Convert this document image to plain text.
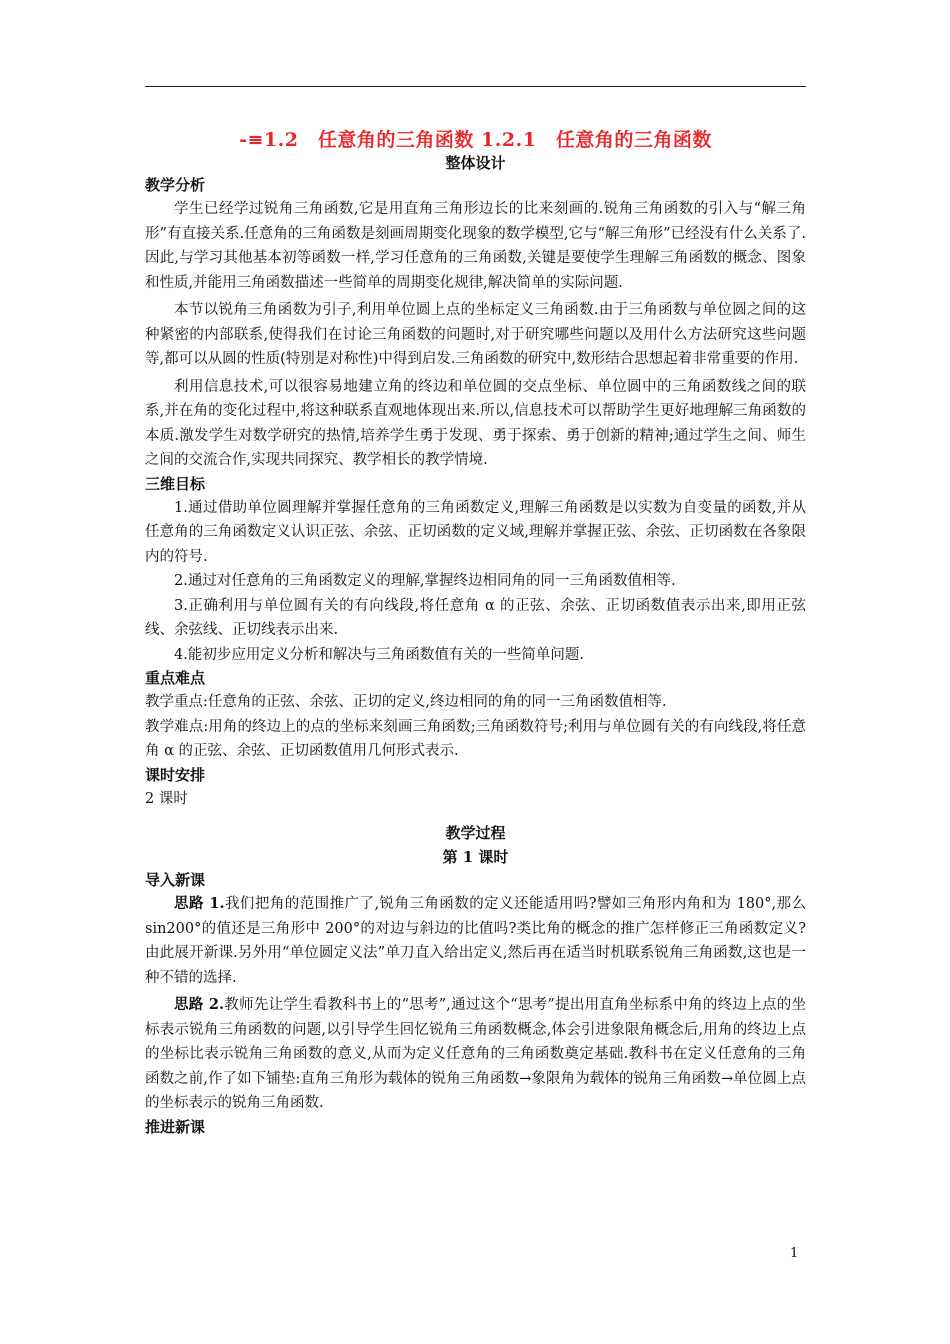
-≡1.2　任意角的三角函数 1.2.1　任意角的三角函数
整体设计
教学分析

学生已经学过锐角三角函数,它是用直角三角形边长的比来刻画的.锐角三角函数的引入与“解三角形”有直接关系.任意角的三角函数是刻画周期变化现象的数学模型,它与“解三角形”已经没有什么关系了.因此,与学习其他基本初等函数一样,学习任意角的三角函数,关键是要使学生理解三角函数的概念、图象和性质,并能用三角函数描述一些简单的周期变化规律,解决简单的实际问题.

本节以锐角三角函数为引子,利用单位圆上点的坐标定义三角函数.由于三角函数与单位圆之间的这种紧密的内部联系,使得我们在讨论三角函数的问题时,对于研究哪些问题以及用什么方法研究这些问题等,都可以从圆的性质(特别是对称性)中得到启发.三角函数的研究中,数形结合思想起着非常重要的作用.

利用信息技术,可以很容易地建立角的终边和单位圆的交点坐标、单位圆中的三角函数线之间的联系,并在角的变化过程中,将这种联系直观地体现出来.所以,信息技术可以帮助学生更好地理解三角函数的本质.激发学生对数学研究的热情,培养学生勇于发现、勇于探索、勇于创新的精神;通过学生之间、师生之间的交流合作,实现共同探究、教学相长的教学情境.

三维目标

1.通过借助单位圆理解并掌握任意角的三角函数定义,理解三角函数是以实数为自变量的函数,并从任意角的三角函数定义认识正弦、余弦、正切函数的定义域,理解并掌握正弦、余弦、正切函数在各象限内的符号.

2.通过对任意角的三角函数定义的理解,掌握终边相同角的同一三角函数值相等.

3.正确利用与单位圆有关的有向线段,将任意角 α 的正弦、余弦、正切函数值表示出来,即用正弦线、余弦线、正切线表示出来.

4.能初步应用定义分析和解决与三角函数值有关的一些简单问题.

重点难点

教学重点:任意角的正弦、余弦、正切的定义,终边相同的角的同一三角函数值相等.

教学难点:用角的终边上的点的坐标来刻画三角函数;三角函数符号;利用与单位圆有关的有向线段,将任意角 α 的正弦、余弦、正切函数值用几何形式表示.

课时安排

2 课时

教学过程
第 1 课时
导入新课

思路 1.我们把角的范围推广了,锐角三角函数的定义还能适用吗?譬如三角形内角和为 180°,那么 sin200°的值还是三角形中 200°的对边与斜边的比值吗?类比角的概念的推广怎样修正三角函数定义?由此展开新课.另外用“单位圆定义法”单刀直入给出定义,然后再在适当时机联系锐角三角函数,这也是一种不错的选择.

思路 2.教师先让学生看教科书上的“思考”,通过这个“思考”提出用直角坐标系中角的终边上点的坐标表示锐角三角函数的问题,以引导学生回忆锐角三角函数概念,体会引进象限角概念后,用角的终边上点的坐标比表示锐角三角函数的意义,从而为定义任意角的三角函数奠定基础.教科书在定义任意角的三角函数之前,作了如下铺垫:直角三角形为载体的锐角三角函数→象限角为载体的锐角三角函数→单位圆上点的坐标表示的锐角三角函数.

推进新课
1
